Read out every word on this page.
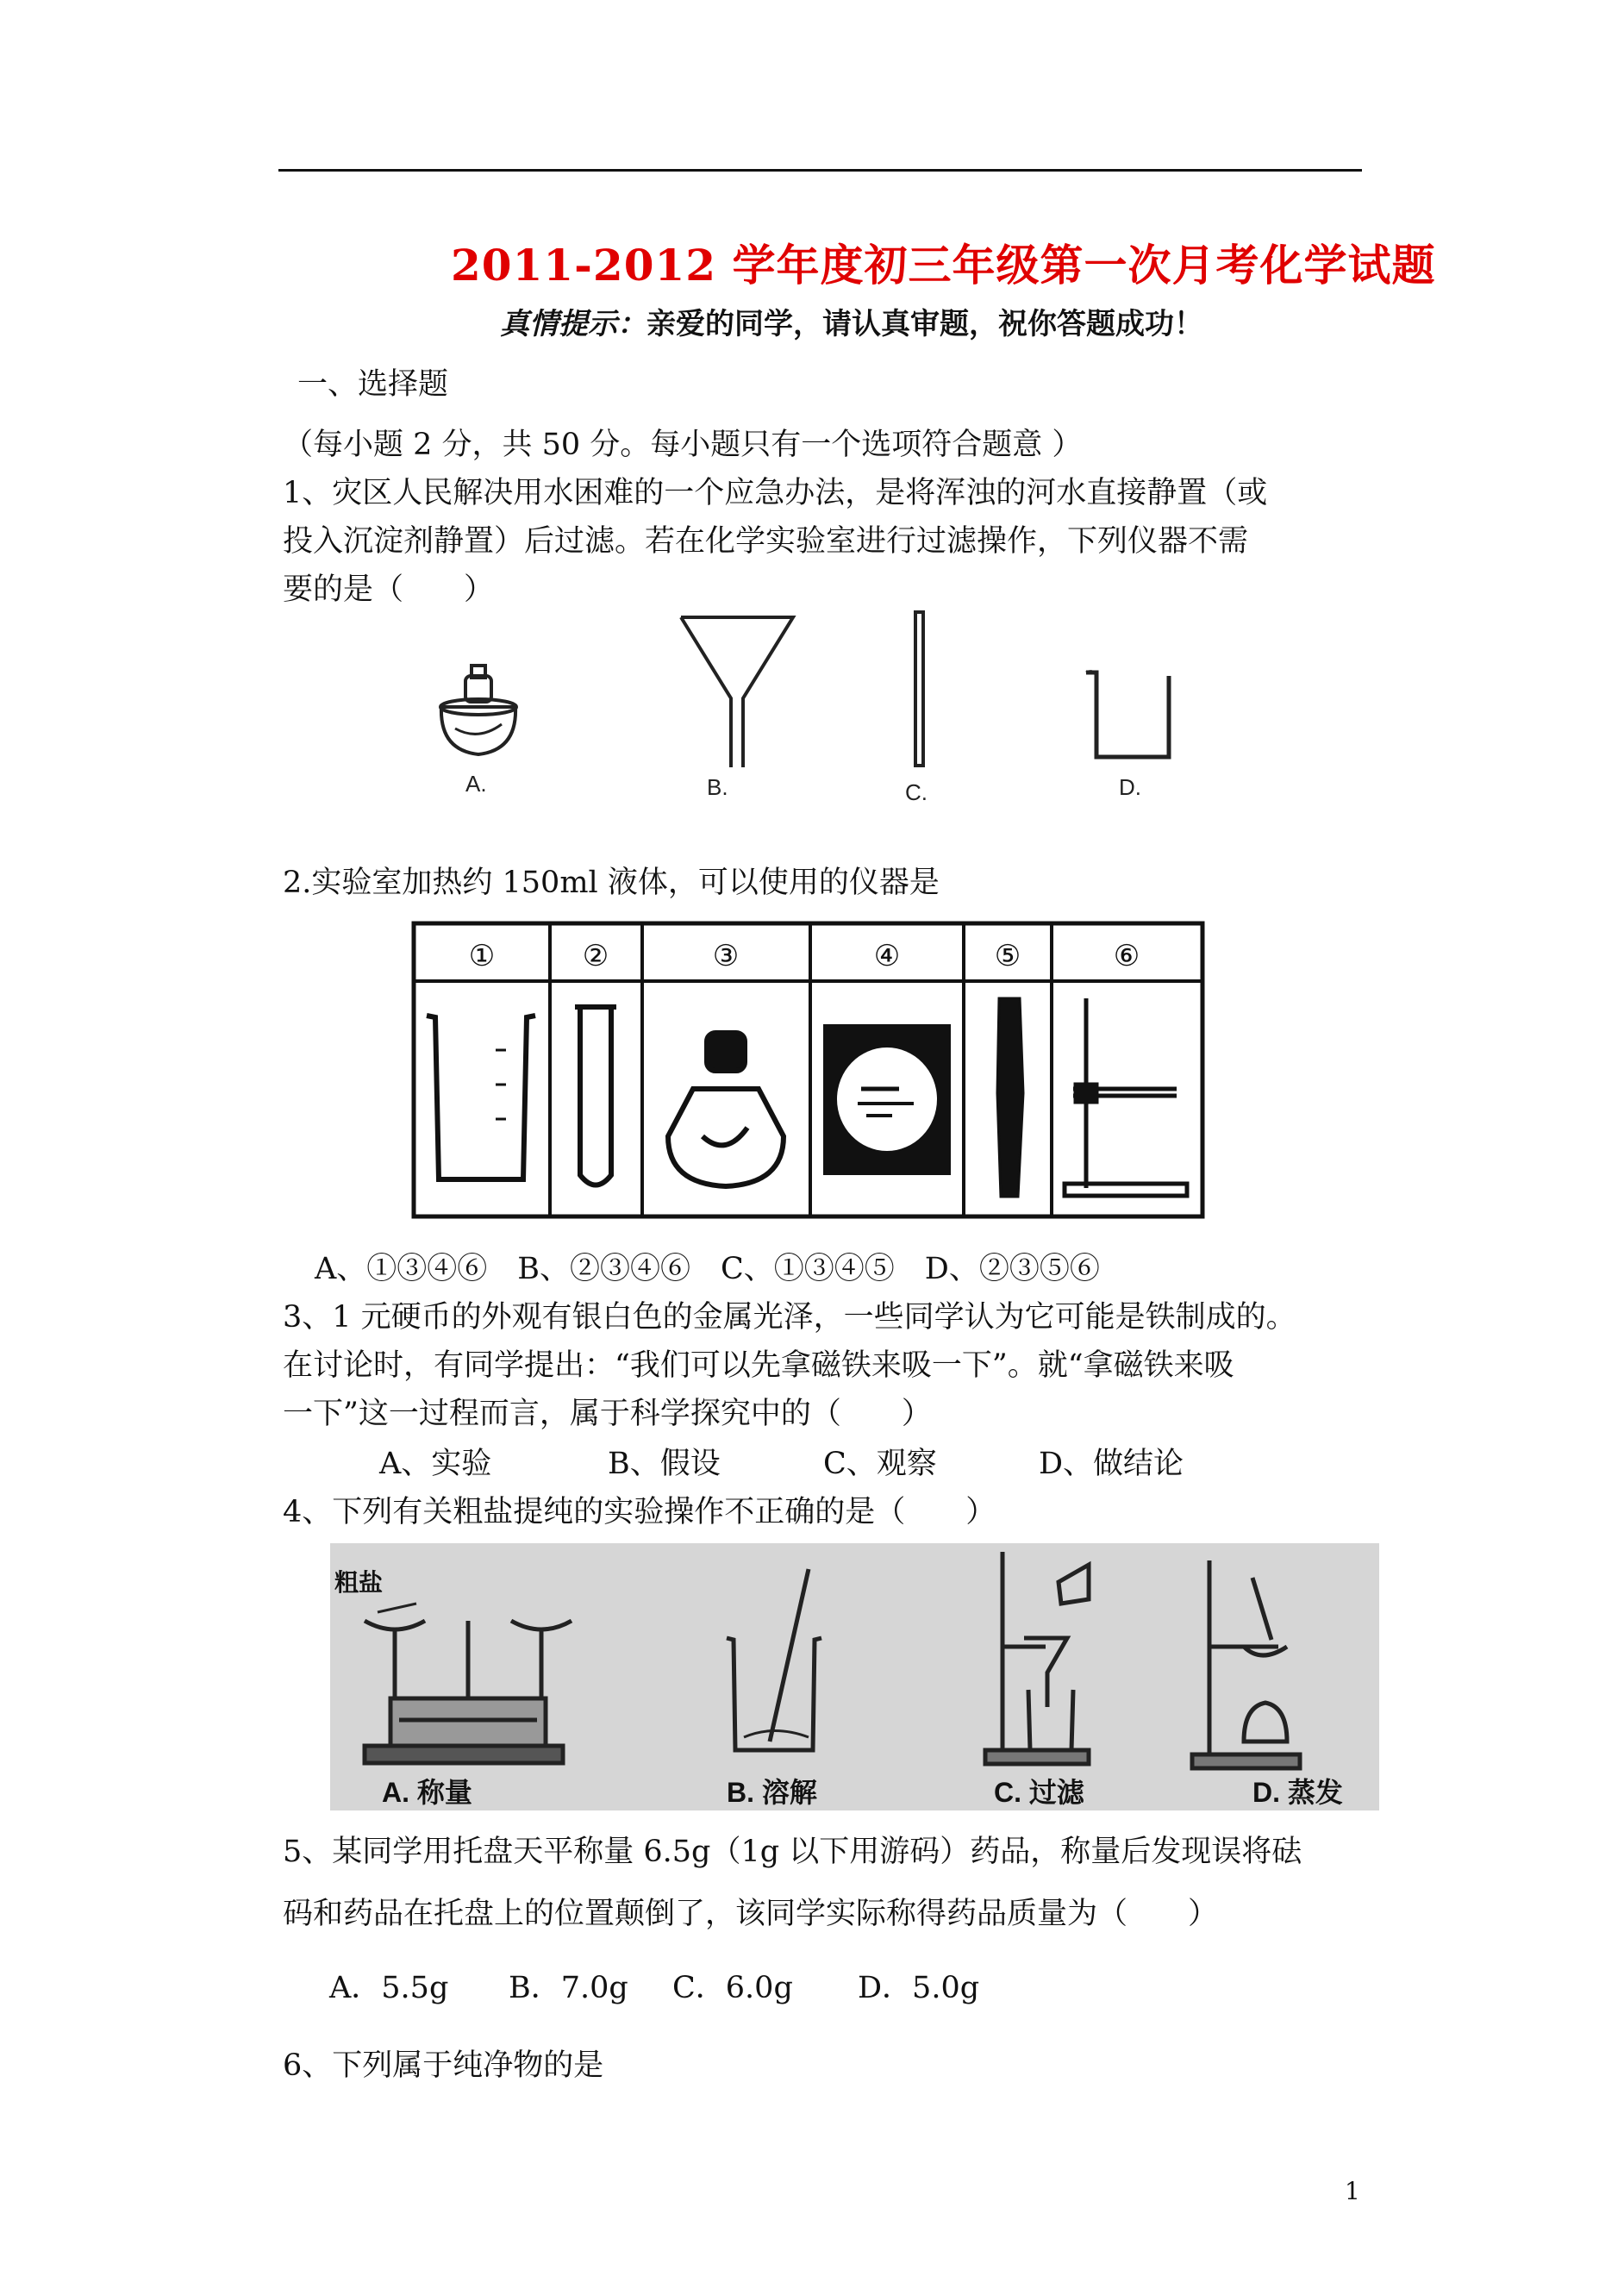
2011-2012 学年度初三年级第一次月考化学试题
真情提示：亲爱的同学，请认真审题，祝你答题成功！
一、选择题
（每小题 2 分，共 50 分。每小题只有一个选项符合题意 ）
1、灾区人民解决用水困难的一个应急办法，是将浑浊的河水直接静置（或
投入沉淀剂静置）后过滤。若在化学实验室进行过滤操作，下列仪器不需
要的是（　　）
A.	B.	C.	D.
2.实验室加热约 150ml 液体，可以使用的仪器是
①	②	③	④	⑤	⑥
A、①③④⑥　B、②③④⑥　C、①③④⑤　D、②③⑤⑥
3、1 元硬币的外观有银白色的金属光泽，一些同学认为它可能是铁制成的。
在讨论时，有同学提出：“我们可以先拿磁铁来吸一下”。就“拿磁铁来吸
一下”这一过程而言，属于科学探究中的（　　）
A、实验	B、假设	C、观察	D、做结论
4、下列有关粗盐提纯的实验操作不正确的是（　　）
粗盐
A. 称量	B. 溶解	C. 过滤	D. 蒸发
5、某同学用托盘天平称量 6.5g（1g 以下用游码）药品，称量后发现误将砝
码和药品在托盘上的位置颠倒了，该同学实际称得药品质量为（　　）
A．5.5g B．7.0g C．6.0g D．5.0g
6、下列属于纯净物的是
1
